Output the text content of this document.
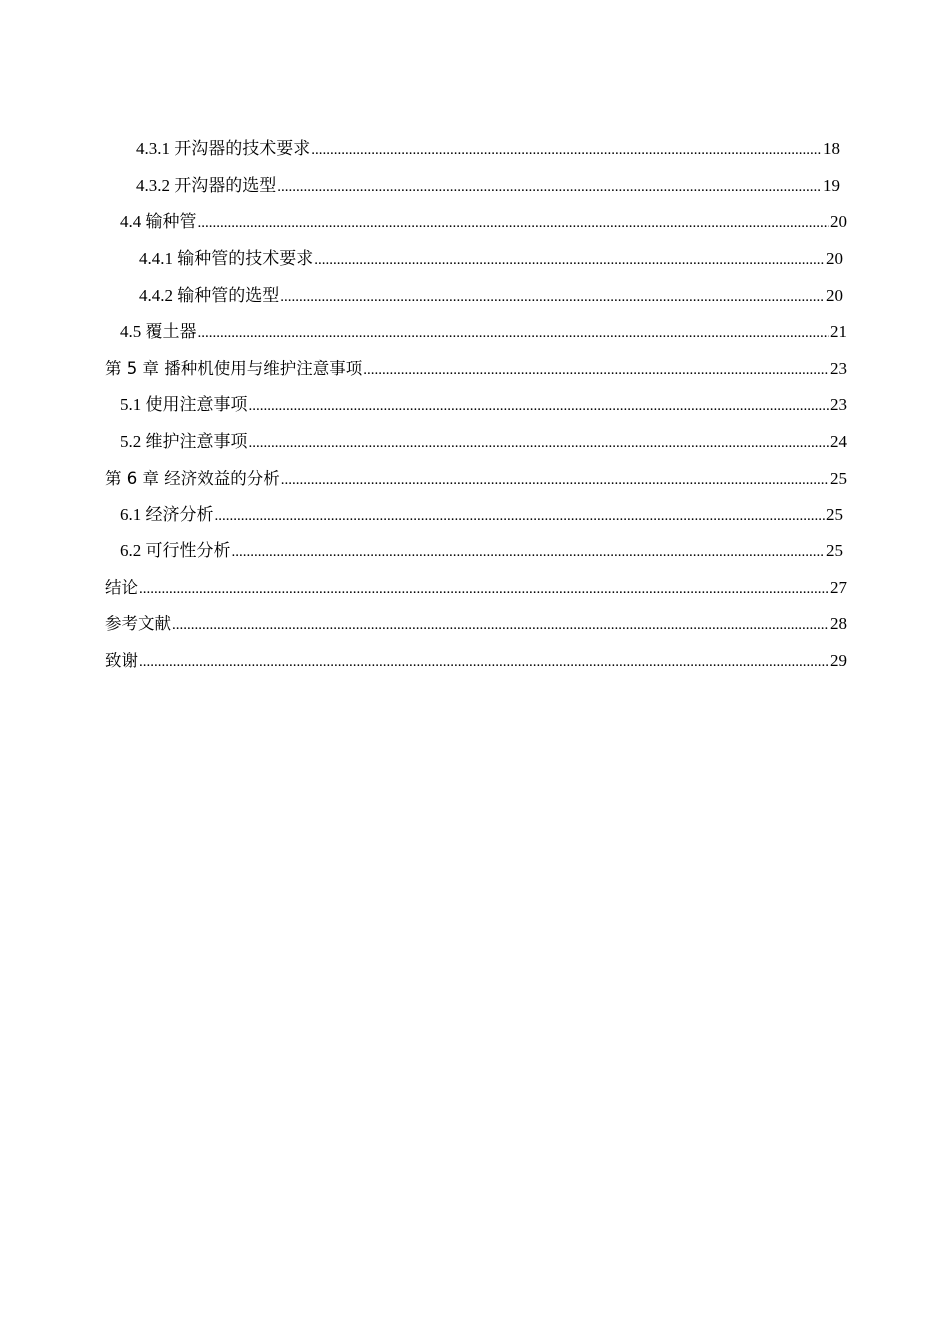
4.3.1 开沟器的技术要求 .....	18
4.3.2 开沟器的选型 .....	19
4.4 输种管 .....	20
4.4.1 输种管的技术要求 .....	20
4.4.2 输种管的选型 .....	20
4.5 覆土器 .....	21
第 5 章 播种机使用与维护注意事项 .....	23
5.1 使用注意事项 .....	23
5.2 维护注意事项 .....	24
第 6 章 经济效益的分析 .....	25
6.1 经济分析 .....	25
6.2 可行性分析 .....	25
结论 .....	27
参考文献 .....	28
致谢 .....	29
